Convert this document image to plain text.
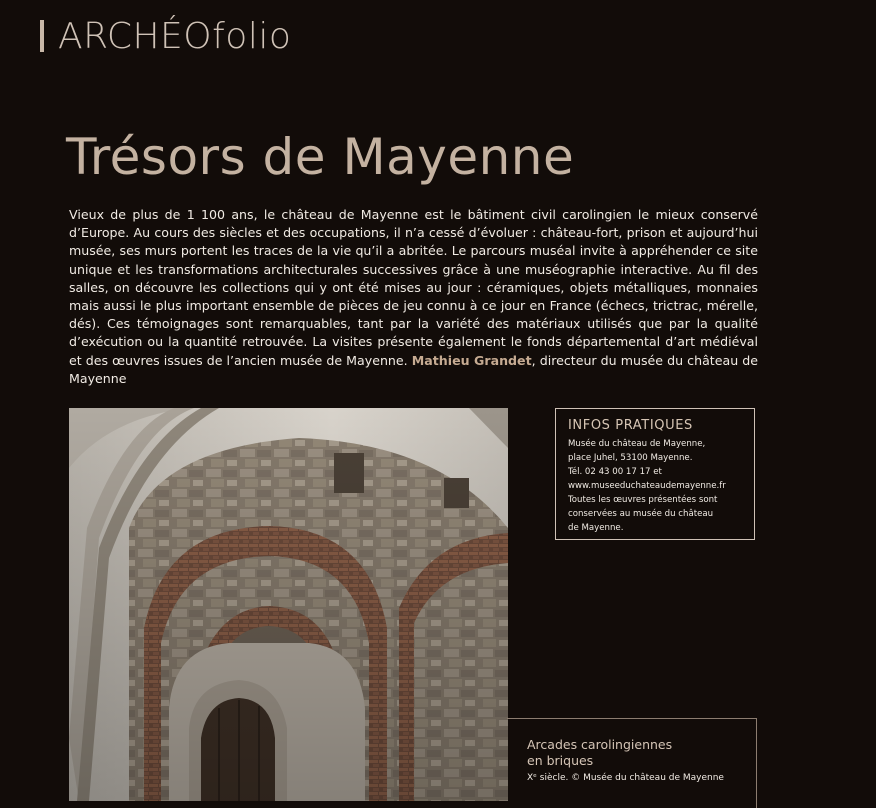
ARCHÉOfolio
Trésors de Mayenne

Vieux de plus de 1 100 ans, le château de Mayenne est le bâtiment civil carolingien le mieux conservé d’Europe. Au cours des siècles et des occupations, il n’a cessé d’évoluer : château-fort, prison et aujourd’hui musée, ses murs portent les traces de la vie qu’il a abritée. Le parcours muséal invite à appréhender ce site unique et les transformations architecturales successives grâce à une muséographie interactive. Au fil des salles, on découvre les collections qui y ont été mises au jour : céramiques, objets métalliques, monnaies mais aussi le plus important ensemble de pièces de jeu connu à ce jour en France (échecs, trictrac, mérelle, dés). Ces témoignages sont remarquables, tant par la variété des matériaux utilisés que par la qualité d’exécution ou la quantité retrouvée. La visites présente également le fonds départemental d’art médiéval et des œuvres issues de l’ancien musée de Mayenne. Mathieu Grandet, directeur du musée du château de Mayenne

INFOS PRATIQUES
Musée du château de Mayenne,
place Juhel, 53100 Mayenne.
Tél. 02 43 00 17 17 et
www.museeduchateaudemayenne.fr
Toutes les œuvres présentées sont
conservées au musée du château
de Mayenne.
Arcades carolingiennes
en briques
Xᵉ siècle. © Musée du château de Mayenne
